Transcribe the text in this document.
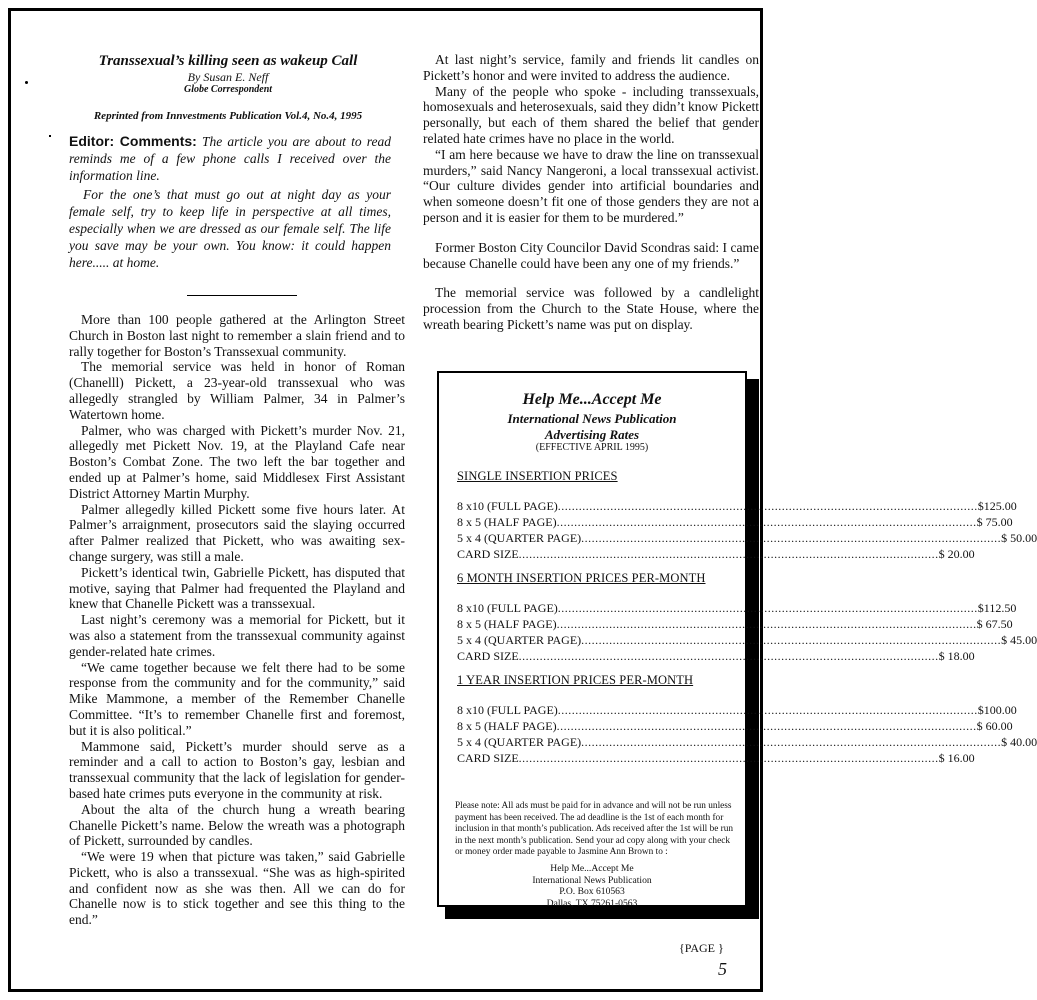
Transsexual’s killing seen as wakeup Call
By Susan E. Neff
Globe Correspondent
Reprinted from Innvestments Publication Vol.4, No.4, 1995

Editor: Comments: The article you are about to read reminds me of a few phone calls I received over the information line.

For the one’s that must go out at night day as your female self, try to keep life in perspective at all times, especially when we are dressed as our female self. The life you save may be your own. You know: it could happen here..... at home.

More than 100 people gathered at the Arlington Street Church in Boston last night to remember a slain friend and to rally together for Boston’s Transsexual community.

The memorial service was held in honor of Roman (Chanelll) Pickett, a 23-year-old transsexual who was allegedly strangled by William Palmer, 34 in Palmer’s Watertown home.

Palmer, who was charged with Pickett’s murder Nov. 21, allegedly met Pickett Nov. 19, at the Playland Cafe near Boston’s Combat Zone. The two left the bar together and ended up at Palmer’s home, said Middlesex First Assistant District Attorney Martin Murphy.

Palmer allegedly killed Pickett some five hours later. At Palmer’s arraignment, prosecutors said the slaying occurred after Palmer realized that Pickett, who was awaiting sex-change surgery, was still a male.

Pickett’s identical twin, Gabrielle Pickett, has disputed that motive, saying that Palmer had frequented the Playland and knew that Chanelle Pickett was a transsexual.

Last night’s ceremony was a memorial for Pickett, but it was also a statement from the transsexual community against gender-related hate crimes.

“We came together because we felt there had to be some response from the community and for the community,” said Mike Mammone, a member of the Remember Chanelle Committee. “It’s to remember Chanelle first and foremost, but it is also political.”

Mammone said, Pickett’s murder should serve as a reminder and a call to action to Boston’s gay, lesbian and transsexual community that the lack of legislation for gender-based hate crimes puts everyone in the community at risk.

About the alta of the church hung a wreath bearing Chanelle Pickett’s name. Below the wreath was a photograph of Pickett, surrounded by candles.

“We were 19 when that picture was taken,” said Gabrielle Pickett, who is also a transsexual. “She was as high-spirited and confident now as she was then. All we can do for Chanelle now is to stick together and see this thing to the end.”

At last night’s service, family and friends lit candles on Pickett’s honor and were invited to address the audience.

Many of the people who spoke - including transsexuals, homosexuals and heterosexuals, said they didn’t know Pickett personally, but each of them shared the belief that gender related hate crimes have no place in the world.

“I am here because we have to draw the line on transsexual murders,” said Nancy Nangeroni, a local transsexual activist. “Our culture divides gender into artificial boundaries and when someone doesn’t fit one of those genders they are not a person and it is easier for them to be murdered.”

Former Boston City Councilor David Scondras said: I came because Chanelle could have been any one of my friends.”

The memorial service was followed by a candlelight procession from the Church to the State House, where the wreath bearing Pickett’s name was put on display.

Help Me...Accept Me
International News Publication
Advertising Rates
(EFFECTIVE APRIL 1995)
Please note: All ads must be paid for in advance and will not be run unless payment has been received. The ad deadline is the 1st of each month for inclusion in that month’s publication. Ads received after the 1st will be run in the next month’s publication. Send your ad copy along with your check or money order made payable to Jasmine Ann Brown to :
Help Me...Accept Me
International News Publication
P.O. Box 610563
Dallas, TX 75261-0563
SINGLE INSERTION PRICES
8 x10 (FULL PAGE) ........................................................................................................................ $125.00
8 x 5 (HALF PAGE) ........................................................................................................................ $ 75.00
5 x 4 (QUARTER PAGE) ........................................................................................................................ $ 50.00
CARD SIZE ........................................................................................................................ $ 20.00
6 MONTH INSERTION PRICES PER-MONTH
8 x10 (FULL PAGE) ........................................................................................................................ $112.50
8 x 5 (HALF PAGE) ........................................................................................................................ $ 67.50
5 x 4 (QUARTER PAGE) ........................................................................................................................ $ 45.00
CARD SIZE ........................................................................................................................ $ 18.00
1 YEAR INSERTION PRICES PER-MONTH
8 x10 (FULL PAGE) ........................................................................................................................ $100.00
8 x 5 (HALF PAGE) ........................................................................................................................ $ 60.00
5 x 4 (QUARTER PAGE) ........................................................................................................................ $ 40.00
CARD SIZE ........................................................................................................................ $ 16.00
{PAGE }
5
